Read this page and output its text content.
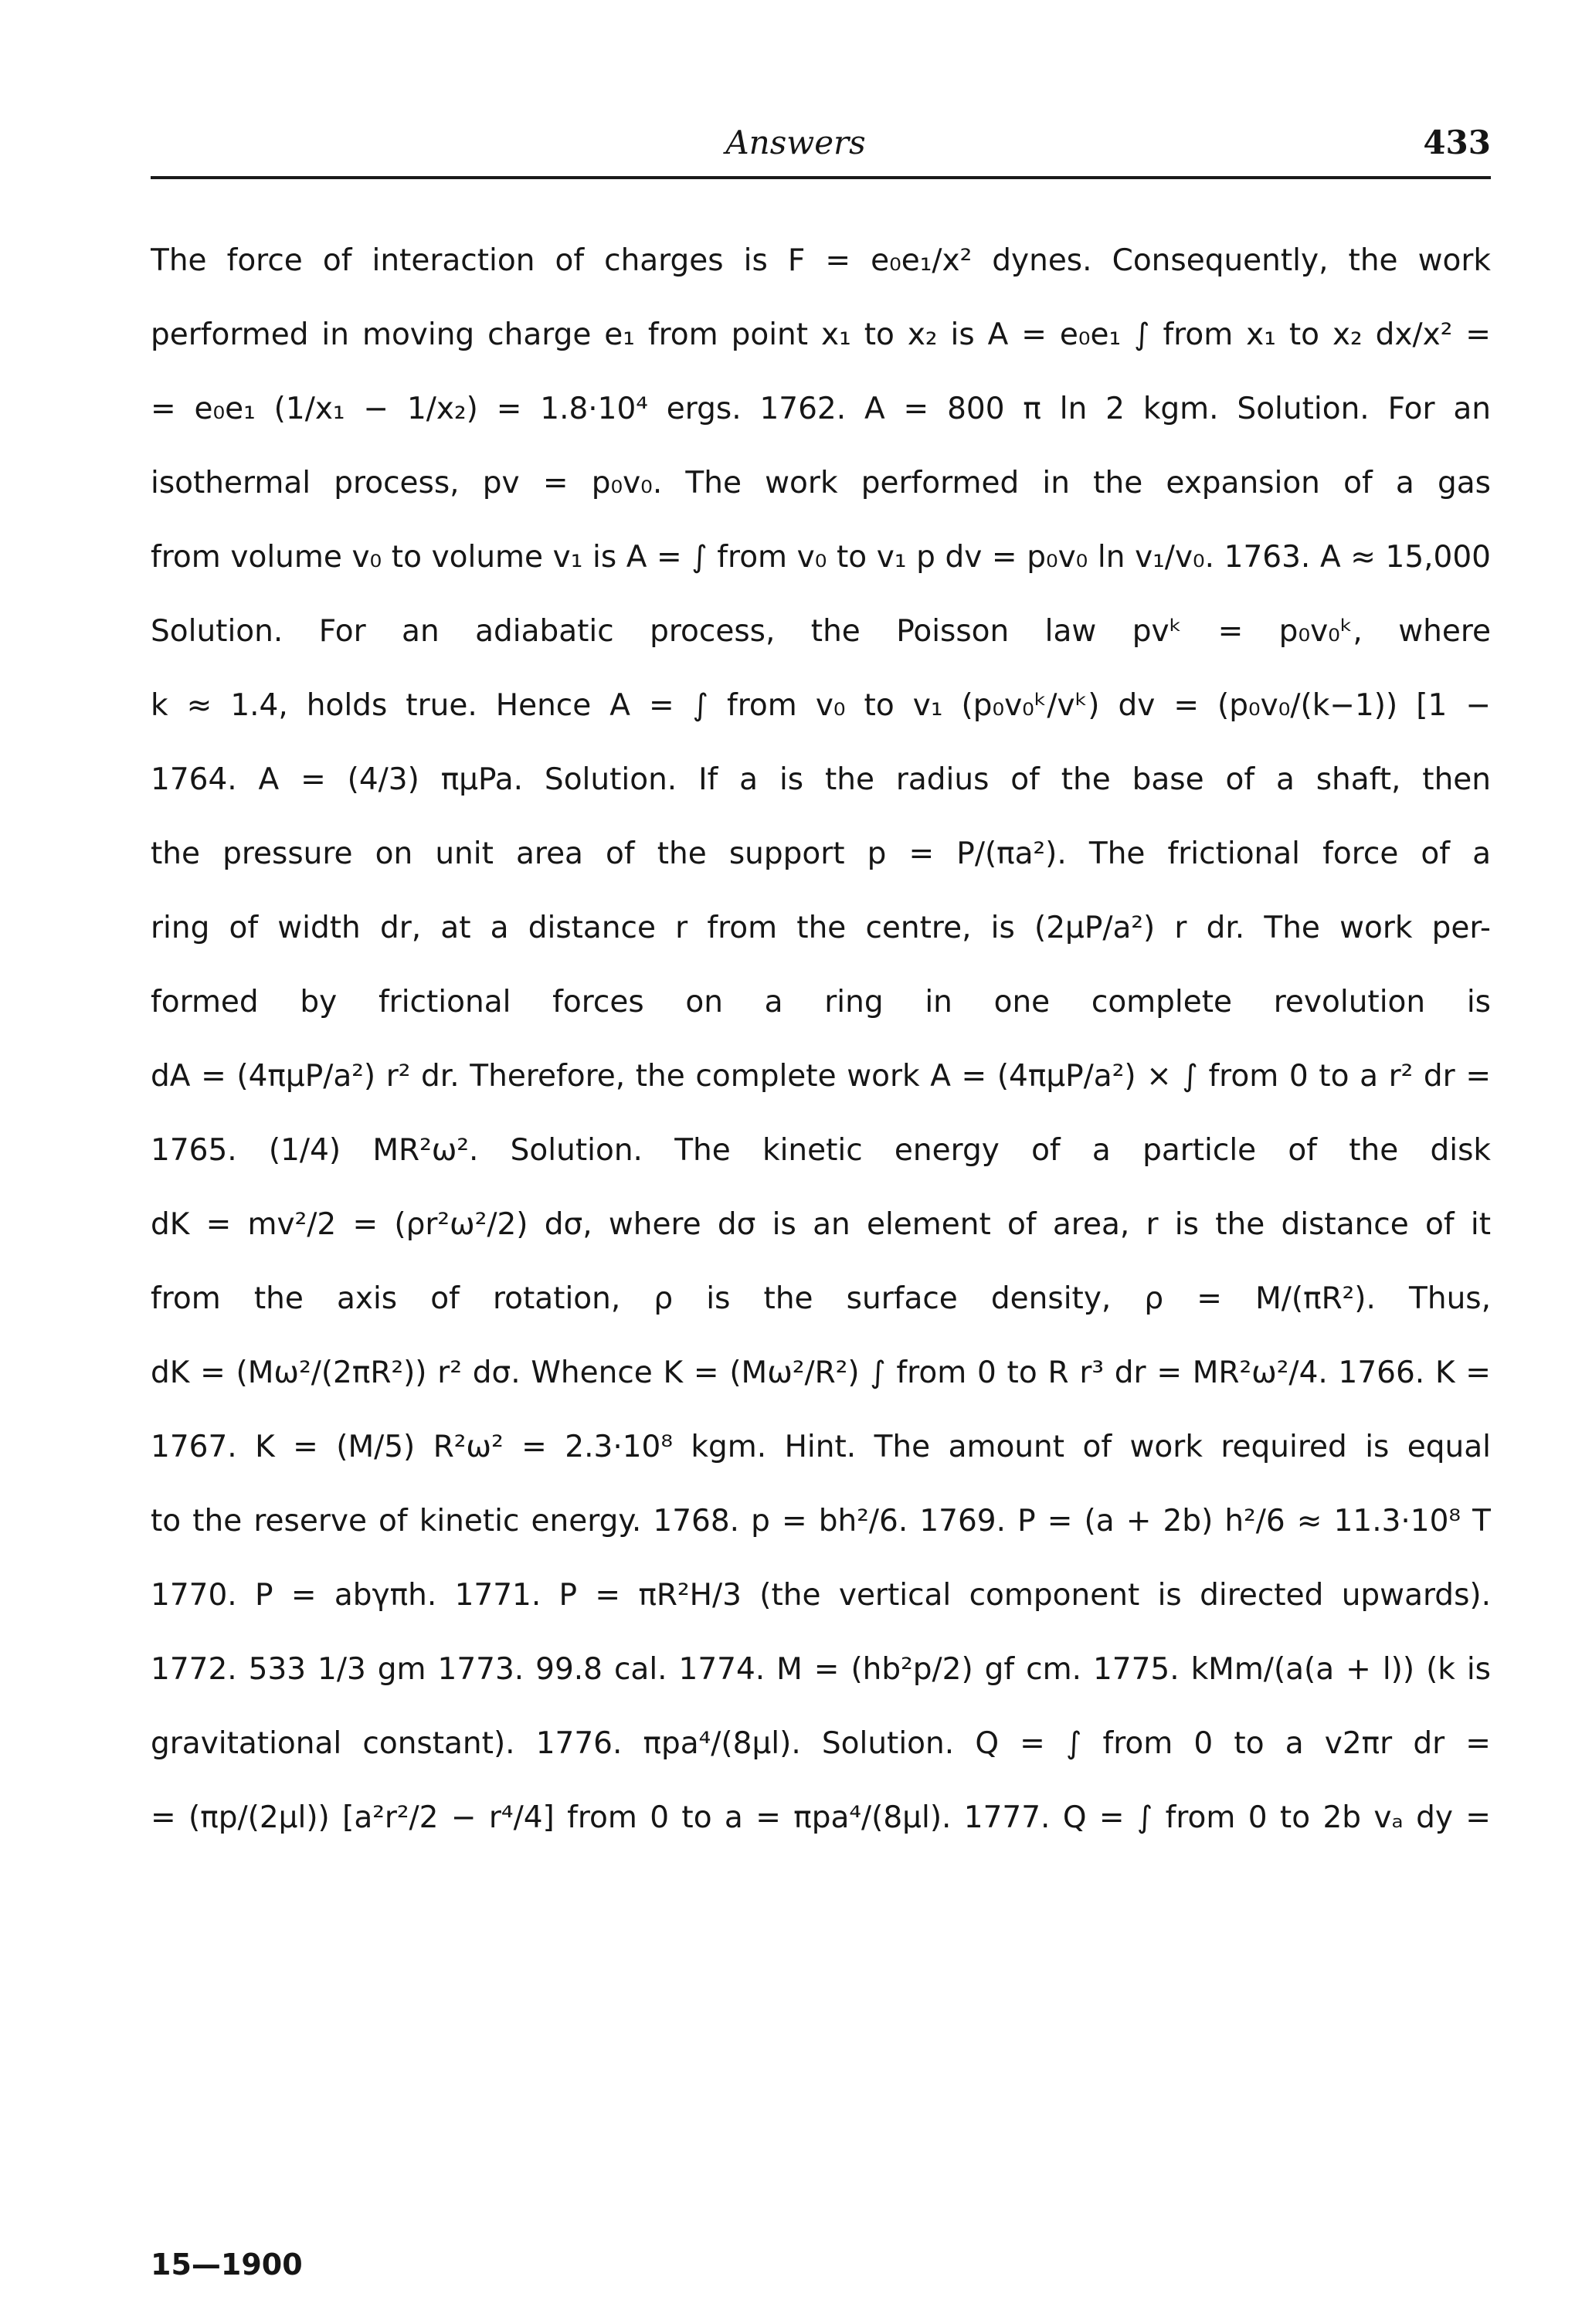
Answers	433
The force of interaction of charges is F = e₀e₁/x² dynes. Consequently, the work
performed in moving charge e₁ from point x₁ to x₂ is A = e₀e₁ ∫ from x₁ to x₂ dx/x² =
= e₀e₁ (1/x₁ − 1/x₂) = 1.8·10⁴ ergs. 1762. A = 800 π ln 2 kgm. Solution. For an
isothermal process, pv = p₀v₀. The work performed in the expansion of a gas
from volume v₀ to volume v₁ is A = ∫ from v₀ to v₁ p dv = p₀v₀ ln v₁/v₀. 1763. A ≈ 15,000
Solution. For an adiabatic process, the Poisson law pvᵏ = p₀v₀ᵏ, where
k ≈ 1.4, holds true. Hence A = ∫ from v₀ to v₁ (p₀v₀ᵏ/vᵏ) dv = (p₀v₀/(k−1)) [1 −
1764. A = (4/3) πμPa. Solution. If a is the radius of the base of a shaft, then
the pressure on unit area of the support p = P/(πa²). The frictional force of a
ring of width dr, at a distance r from the centre, is (2μP/a²) r dr. The work per-
formed by frictional forces on a ring in one complete revolution is
dA = (4πμP/a²) r² dr. Therefore, the complete work A = (4πμP/a²) × ∫ from 0 to a r² dr =
1765. (1/4) MR²ω². Solution. The kinetic energy of a particle of the disk
dK = mv²/2 = (ρr²ω²/2) dσ, where dσ is an element of area, r is the distance of it
from the axis of rotation, ρ is the surface density, ρ = M/(πR²). Thus,
dK = (Mω²/(2πR²)) r² dσ. Whence K = (Mω²/R²) ∫ from 0 to R r³ dr = MR²ω²/4. 1766. K =
1767. K = (M/5) R²ω² = 2.3·10⁸ kgm. Hint. The amount of work required is equal
to the reserve of kinetic energy. 1768. p = bh²/6. 1769. P = (a + 2b) h²/6 ≈ 11.3·10⁸ T
1770. P = abγπh. 1771. P = πR²H/3 (the vertical component is directed upwards).
1772. 533 1/3 gm 1773. 99.8 cal. 1774. M = (hb²p/2) gf cm. 1775. kMm/(a(a + l)) (k is
gravitational constant). 1776. πpa⁴/(8μl). Solution. Q = ∫ from 0 to a v2πr dr =
= (πp/(2μl)) [a²r²/2 − r⁴/4] from 0 to a = πpa⁴/(8μl). 1777. Q = ∫ from 0 to 2b vₐ dy =
15—1900
